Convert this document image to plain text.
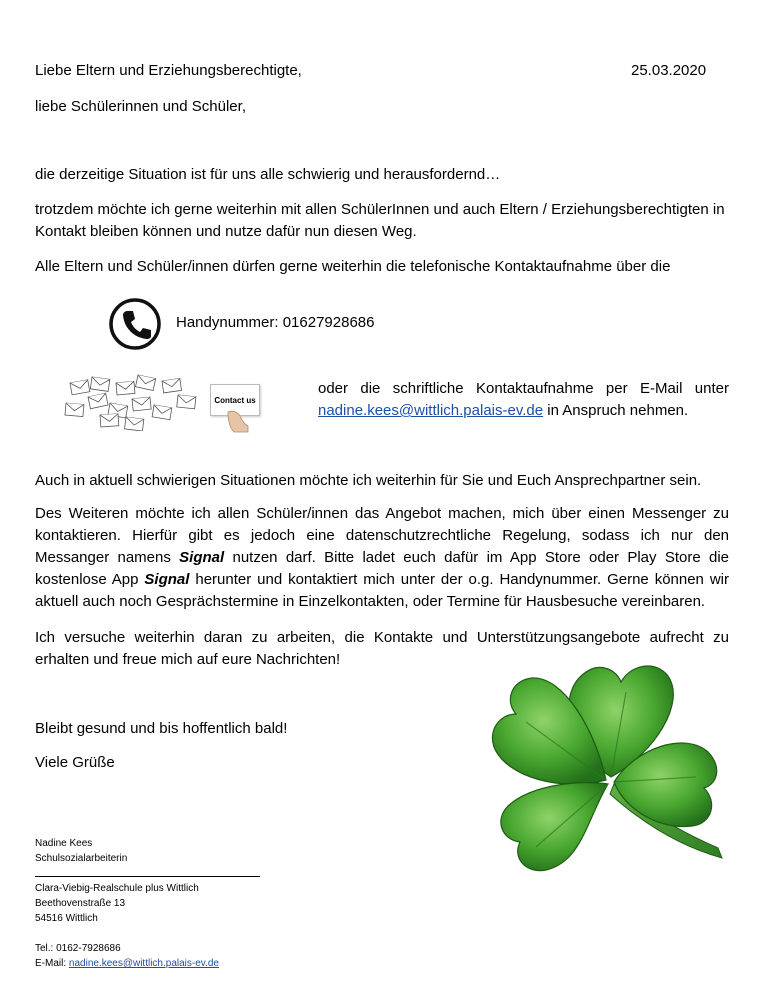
Liebe Eltern und Erziehungsberechtigte,	25.03.2020
liebe Schülerinnen und Schüler,
die derzeitige Situation ist für uns alle schwierig und herausfordernd…
trotzdem möchte ich gerne weiterhin mit allen SchülerInnen und auch Eltern / Erziehungsberechtigten in Kontakt bleiben können und nutze dafür nun diesen Weg.
Alle Eltern und Schüler/innen dürfen gerne weiterhin die telefonische Kontaktaufnahme über die
Handynummer: 01627928686
Contact us
oder die schriftliche Kontaktaufnahme per E-Mail unter nadine.kees@wittlich.palais-ev.de in Anspruch nehmen.
Auch in aktuell schwierigen Situationen möchte ich weiterhin für Sie und Euch Ansprechpartner sein.
Des Weiteren möchte ich allen Schüler/innen das Angebot machen, mich über einen Messenger zu kontaktieren. Hierfür gibt es jedoch eine datenschutzrechtliche Regelung, sodass ich nur den Messanger namens Signal nutzen darf. Bitte ladet euch dafür im App Store oder Play Store die kostenlose App Signal herunter und kontaktiert mich unter der o.g. Handynummer. Gerne können wir aktuell auch noch Gesprächstermine in Einzelkontakten, oder Termine für Hausbesuche vereinbaren.
Ich versuche weiterhin daran zu arbeiten, die Kontakte und Unterstützungsangebote aufrecht zu erhalten und freue mich auf eure Nachrichten!
Bleibt gesund und bis hoffentlich bald!
Viele Grüße
Nadine Kees
Schulsozialarbeiterin
Clara-Viebig-Realschule plus Wittlich
Beethovenstraße 13
54516 Wittlich
Tel.: 0162-7928686
E-Mail: nadine.kees@wittlich.palais-ev.de
